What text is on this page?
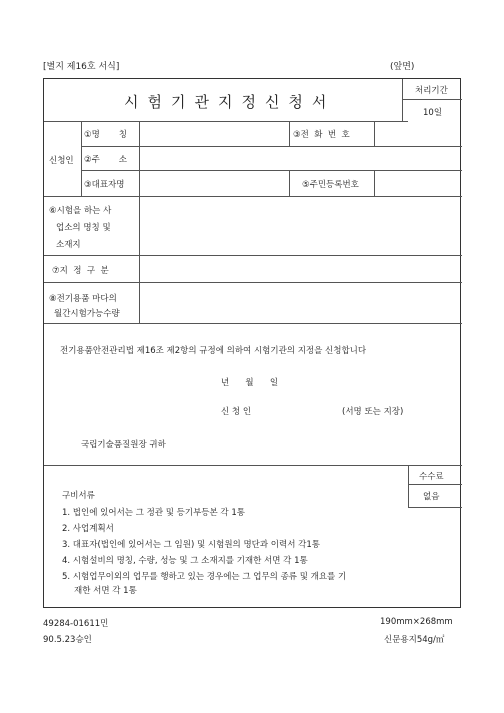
[별지 제16호 서식]	(앞면)
시험기관지정신청서
처리기간
10일
신청인
①명       칭	③전  화  번  호
②주       소
③대표자명	⑤주민등록번호
⑥시험을 하는 사
업소의 명칭 및
소재지
⑦지  정  구  분
⑧전기용품 마다의
월간시험가능수량
전기용품안전관리법 제16조 제2항의 규정에 의하여 시험기관의 지정을 신청합니다
년      월      일
신 청 인	(서명 또는 지장)
국립기술품질원장 귀하
수수료
없음
구비서류
1. 법인에 있어서는 그 정관 및 등기부등본 각 1통
2. 사업계획서
3. 대표자(법인에 있어서는 그 임원) 및 시험원의 명단과 이력서 각1통
4. 시험설비의 명칭, 수량, 성능 및 그 소재지를 기재한 서면 각 1통
5. 시험업무이외의 업무를 행하고 있는 경우에는 그 업무의 종류 및 개요를 기
재한 서면 각 1통
49284-01611민
90.5.23승인
190mm×268mm
신문용지54g/㎡
